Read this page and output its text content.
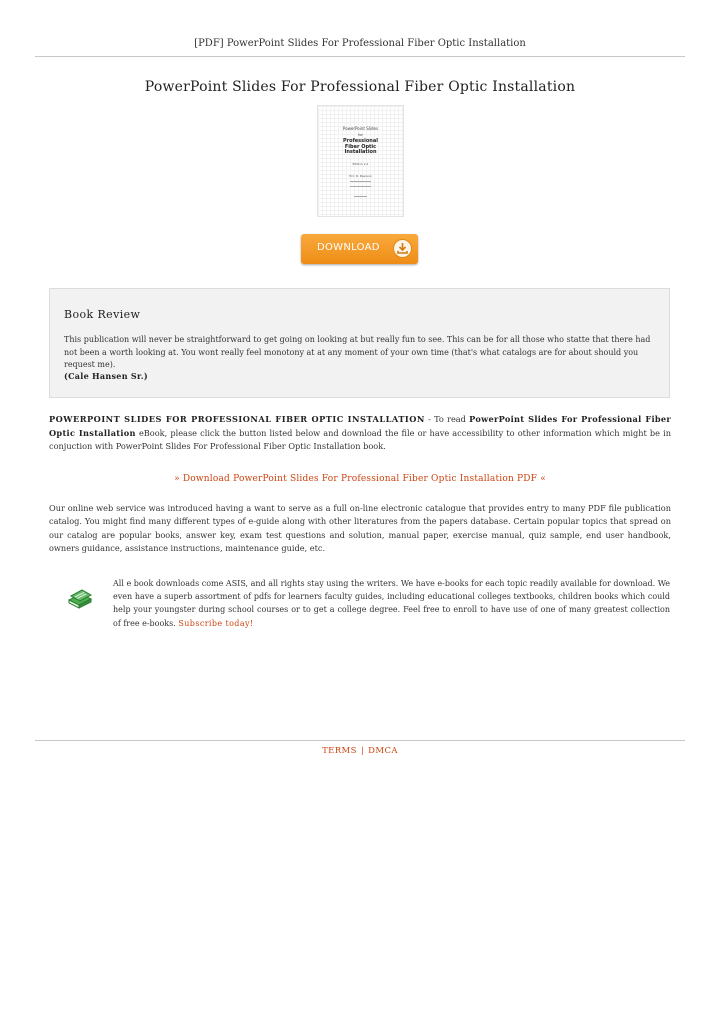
[PDF] PowerPoint Slides For Professional Fiber Optic Installation
PowerPoint Slides For Professional Fiber Optic Installation
PowerPoint Slides
for
Professional
Fiber Optic
Installation
Edition 2.1
Eric R. Pearson
DOWNLOAD
Book Review
This publication will never be straightforward to get going on looking at but really fun to see. This can be for all those who statte that there had not been a worth looking at. You wont really feel monotony at at any moment of your own time (that's what catalogs are for about should you request me).
(Cale Hansen Sr.)
POWERPOINT SLIDES FOR PROFESSIONAL FIBER OPTIC INSTALLATION - To read PowerPoint Slides For Professional Fiber Optic Installation eBook, please click the button listed below and download the file or have accessibility to other information which might be in conjuction with PowerPoint Slides For Professional Fiber Optic Installation book.
» Download PowerPoint Slides For Professional Fiber Optic Installation PDF «
Our online web service was introduced having a want to serve as a full on-line electronic catalogue that provides entry to many PDF file publication catalog. You might find many different types of e-guide along with other literatures from the papers database. Certain popular topics that spread on our catalog are popular books, answer key, exam test questions and solution, manual paper, exercise manual, quiz sample, end user handbook, owners guidance, assistance instructions, maintenance guide, etc.
All e book downloads come ASIS, and all rights stay using the writers. We have e-books for each topic readily available for download. We even have a superb assortment of pdfs for learners faculty guides, including educational colleges textbooks, children books which could help your youngster during school courses or to get a college degree. Feel free to enroll to have use of one of many greatest collection of free e-books. Subscribe today!
TERMS | DMCA
